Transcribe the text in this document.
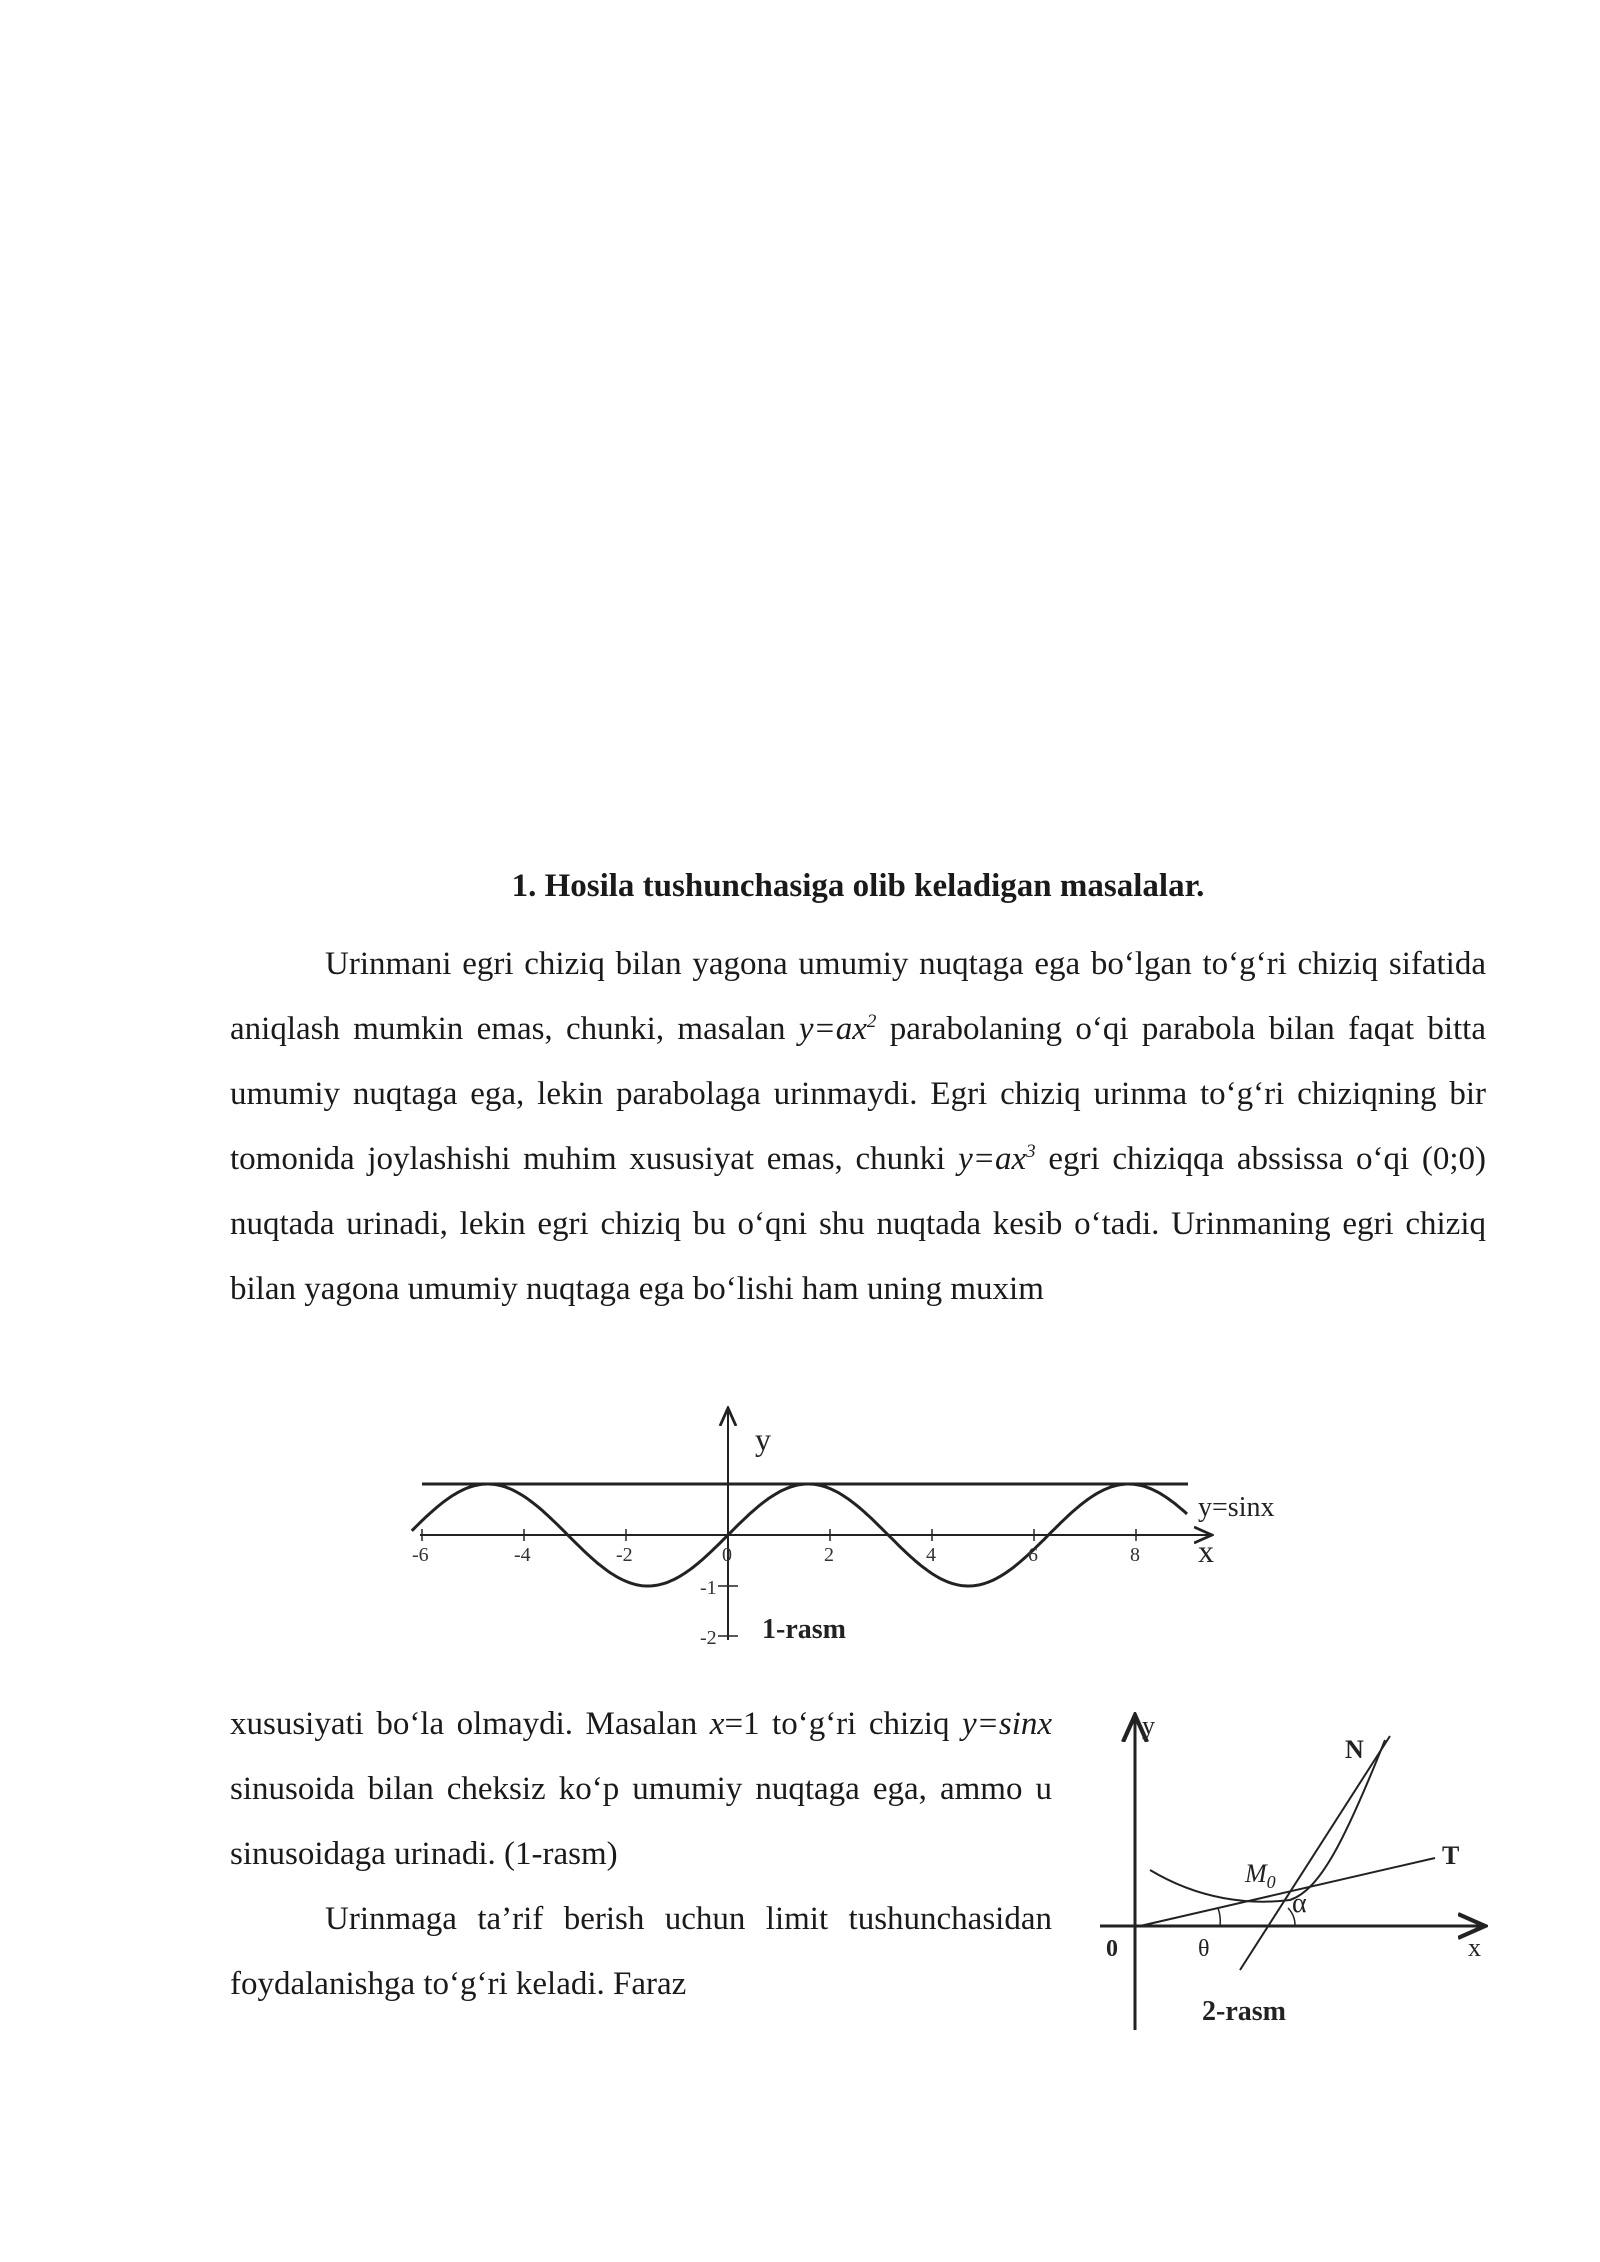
1. Hosila tushunchasiga olib keladigan masalalar.
Urinmani egri chiziq bilan yagona umumiy nuqtaga ega bo‘lgan to‘g‘ri chiziq sifatida aniqlash mumkin emas, chunki, masalan $y=ax^2$ parabolaning o‘qi parabola bilan faqat bitta umumiy nuqtaga ega, lekin parabolaga urinmaydi. Egri chiziq urinma to‘g‘ri chiziqning bir tomonida joylashishi muhim xususiyat emas, chunki $y=ax^3$ egri chiziqqa abssissa o‘qi (0;0) nuqtada urinadi, lekin egri chiziq bu o‘qni shu nuqtada kesib o‘tadi. Urinmaning egri chiziq bilan yagona umumiy nuqtaga ega bo‘lishi ham uning muxim
-6	-4	-2	0	2	4	6	8
-1
-2
y
x
y=sinx
1-rasm

xususiyati bo‘la olmaydi. Masalan x=1 to‘g‘ri chiziq y=sinx sinusoida bilan cheksiz ko‘p umumiy nuqtaga ega, ammo u sinusoidaga urinadi. (1-rasm)

Urinmaga ta’rif berish uchun limit tushunchasidan foydalanishga to‘g‘ri keladi. Faraz

y
x
0
N
T
$M_0$
α
θ
2-rasm
